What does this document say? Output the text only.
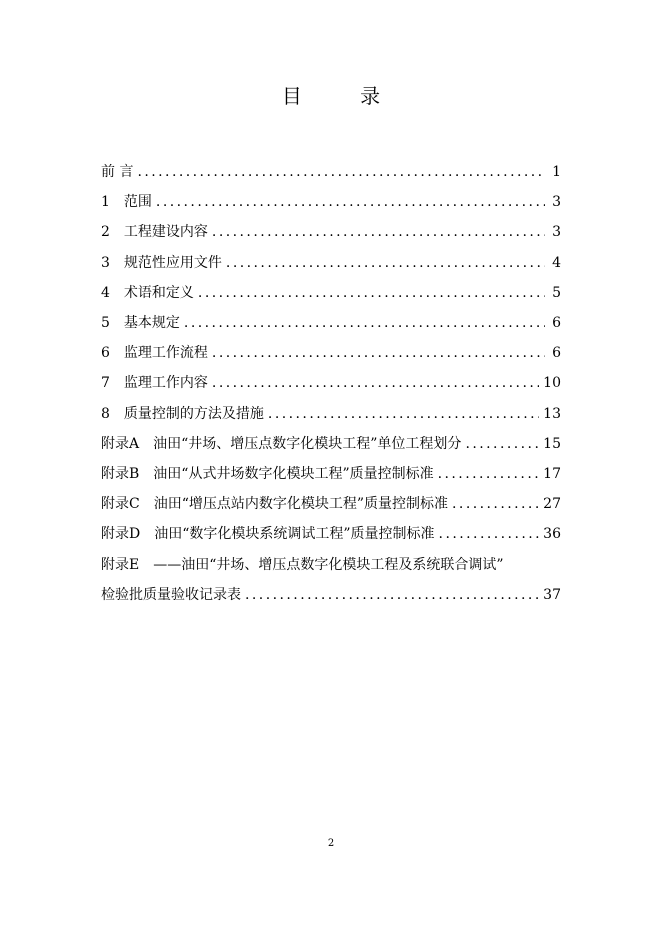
目 录
前 言 . . .	1
1　范围 . . .	3
2　工程建设内容 . . .	3
3　规范性应用文件 . . .	4
4　术语和定义 . . .	5
5　基本规定 . . .	6
6　监理工作流程 . . .	6
7　监理工作内容 . . .	10
8　质量控制的方法及措施 . . .	13
附录A　油田“井场、增压点数字化模块工程”单位工程划分 . . .	15
附录B　油田“从式井场数字化模块工程”质量控制标准 . . .	17
附录C　油田“增压点站内数字化模块工程”质量控制标准 . . .	27
附录D　油田“数字化模块系统调试工程”质量控制标准 . . .	36
附录E　——油田“井场、增压点数字化模块工程及系统联合调试”
检验批质量验收记录表 . . .	37
2
